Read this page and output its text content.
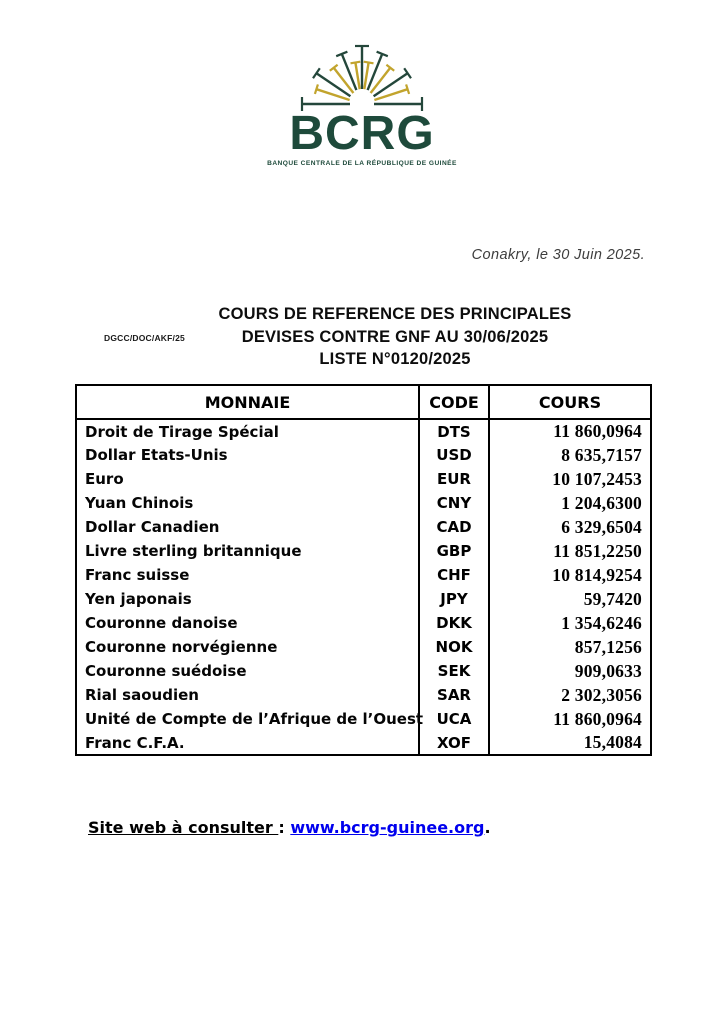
BCRG
BANQUE CENTRALE DE LA RÉPUBLIQUE DE GUINÉE
Conakry, le 30 Juin 2025.
DGCC/DOC/AKF/25
COURS DE REFERENCE DES PRINCIPALES
DEVISES CONTRE GNF AU 30/06/2025
LISTE N°0120/2025
MONNAIE	CODE	COURS
Droit de Tirage Spécial	DTS	11 860,0964
Dollar Etats-Unis	USD	8 635,7157
Euro	EUR	10 107,2453
Yuan Chinois	CNY	1 204,6300
Dollar Canadien	CAD	6 329,6504
Livre sterling britannique	GBP	11 851,2250
Franc suisse	CHF	10 814,9254
Yen japonais	JPY	59,7420
Couronne danoise	DKK	1 354,6246
Couronne norvégienne	NOK	857,1256
Couronne suédoise	SEK	909,0633
Rial saoudien	SAR	2 302,3056
Unité de Compte de l’Afrique de l’Ouest	UCA	11 860,0964
Franc C.F.A.	XOF	15,4084
Site web à consulter : www.bcrg-guinee.org.
